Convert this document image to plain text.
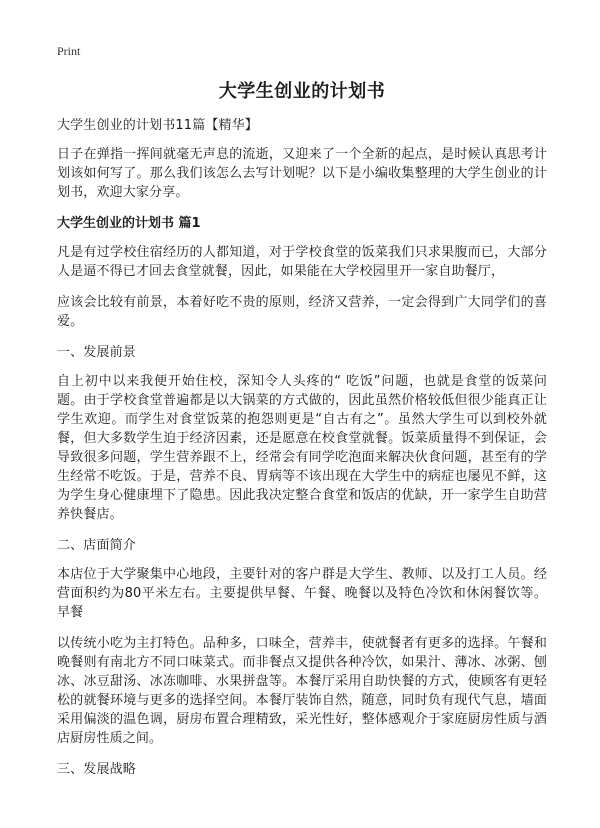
Print
大学生创业的计划书

大学生创业的计划书11篇【精华】

日子在弹指一挥间就毫无声息的流逝，又迎来了一个全新的起点，是时候认真思考计划该如何写了。那么我们该怎么去写计划呢？以下是小编收集整理的大学生创业的计划书，欢迎大家分享。

大学生创业的计划书 篇1

凡是有过学校住宿经历的人都知道，对于学校食堂的饭菜我们只求果腹而已，大部分人是逼不得已才回去食堂就餐，因此，如果能在大学校园里开一家自助餐厅，

应该会比较有前景，本着好吃不贵的原则，经济又营养，一定会得到广大同学们的喜爱。

一、发展前景

自上初中以来我便开始住校，深知令人头疼的“ 吃饭”问题，也就是食堂的饭菜问题。由于学校食堂普遍都是以大锅菜的方式做的，因此虽然价格较低但很少能真正让学生欢迎。而学生对食堂饭菜的抱怨则更是“自古有之”。虽然大学生可以到校外就餐，但大多数学生迫于经济因素，还是愿意在校食堂就餐。饭菜质量得不到保证，会导致很多问题，学生营养跟不上，经常会有同学吃泡面来解决伙食问题，甚至有的学生经常不吃饭。于是，营养不良、胃病等不该出现在大学生中的病症也屡见不鲜，这为学生身心健康埋下了隐患。因此我决定整合食堂和饭店的优缺，开一家学生自助营养快餐店。

二、店面简介

本店位于大学聚集中心地段，主要针对的客户群是大学生、教师、以及打工人员。经营面积约为80平米左右。主要提供早餐、午餐、晚餐以及特色冷饮和休闲餐饮等。早餐

以传统小吃为主打特色。品种多，口味全，营养丰，使就餐者有更多的选择。午餐和晚餐则有南北方不同口味菜式。而非餐点又提供各种冷饮，如果汁、薄冰、冰粥、刨冰、冰豆甜汤、冰冻咖啡、水果拼盘等。本餐厅采用自助快餐的方式，使顾客有更轻松的就餐环境与更多的选择空间。本餐厅装饰自然，随意，同时负有现代气息，墙面采用偏淡的温色调，厨房布置合理精致，采光性好，整体感观介于家庭厨房性质与酒店厨房性质之间。

三、发展战略
